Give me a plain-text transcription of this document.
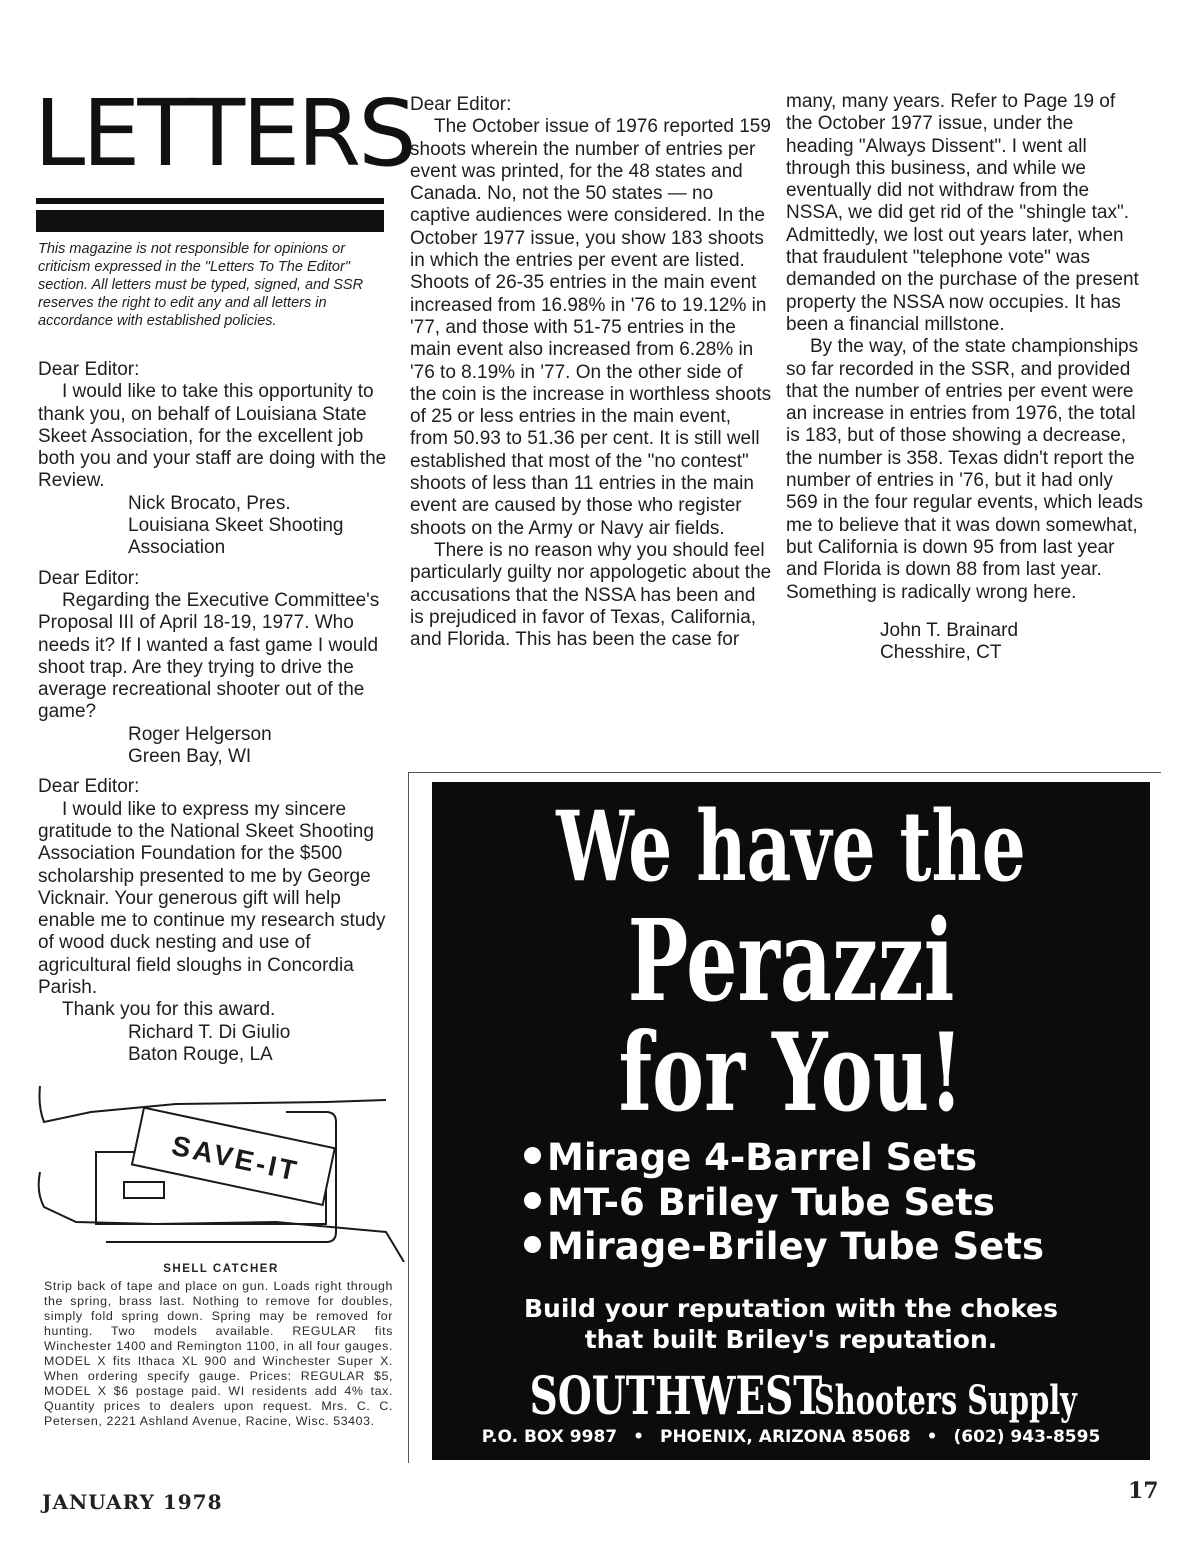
LETTERS
This magazine is not responsible for opinions or criticism expressed in the "Letters To The Editor" section. All letters must be typed, signed, and SSR reserves the right to edit any and all letters in accordance with established policies.

Dear Editor:

I would like to take this opportunity to thank you, on behalf of Louisiana State Skeet Association, for the excellent job both you and your staff are doing with the Review.

Nick Brocato, Pres.

Louisiana Skeet Shooting

Association

Dear Editor:

Regarding the Executive Committee's Proposal III of April 18-19, 1977. Who needs it? If I wanted a fast game I would shoot trap. Are they trying to drive the average recreational shooter out of the game?

Roger Helgerson

Green Bay, WI

Dear Editor:

I would like to express my sincere gratitude to the National Skeet Shooting Association Foundation for the $500 scholarship presented to me by George Vicknair. Your generous gift will help enable me to continue my research study of wood duck nesting and use of agricultural field sloughs in Concordia Parish.

Thank you for this award.

Richard T. Di Giulio

Baton Rouge, LA

Dear Editor:

The October issue of 1976 reported 159 shoots wherein the number of entries per event was printed, for the 48 states and Canada. No, not the 50 states — no captive audiences were considered. In the October 1977 issue, you show 183 shoots in which the entries per event are listed. Shoots of 26-35 entries in the main event increased from 16.98% in '76 to 19.12% in '77, and those with 51-75 entries in the main event also increased from 6.28% in '76 to 8.19% in '77. On the other side of the coin is the increase in worthless shoots of 25 or less entries in the main event, from 50.93 to 51.36 per cent. It is still well established that most of the "no contest" shoots of less than 11 entries in the main event are caused by those who register shoots on the Army or Navy air fields.

There is no reason why you should feel particularly guilty nor appologetic about the accusations that the NSSA has been and is prejudiced in favor of Texas, California, and Florida. This has been the case for

many, many years. Refer to Page 19 of the October 1977 issue, under the heading "Always Dissent". I went all through this business, and while we eventually did not withdraw from the NSSA, we did get rid of the "shingle tax". Admittedly, we lost out years later, when that fraudulent "telephone vote" was demanded on the purchase of the present property the NSSA now occupies. It has been a financial millstone.

By the way, of the state championships so far recorded in the SSR, and provided that the number of entries per event were an increase in entries from 1976, the total is 183, but of those showing a decrease, the number is 358. Texas didn't report the number of entries in '76, but it had only 569 in the four regular events, which leads me to believe that it was down somewhat, but California is down 95 from last year and Florida is down 88 from last year. Something is radically wrong here.

John T. Brainard

Chesshire, CT

SAVE-IT
SHELL CATCHER
Strip back of tape and place on gun. Loads right through the spring, brass last. Nothing to remove for doubles, simply fold spring down. Spring may be removed for hunting. Two models available. REGULAR fits Winchester 1400 and Remington 1100, in all four gauges. MODEL X fits Ithaca XL 900 and Winchester Super X. When ordering specify gauge. Prices: REGULAR $5, MODEL X $6 postage paid. WI residents add 4% tax. Quantity prices to dealers upon request. Mrs. C. C. Petersen, 2221 Ashland Avenue, Racine, Wisc. 53403.
We have the
Perazzi
for You!
Mirage 4-Barrel Sets
MT-6 Briley Tube Sets
Mirage-Briley Tube Sets
Build your reputation with the chokes
that built Briley's reputation.
SOUTHWESTShooters Supply
P.O. BOX 9987 • PHOENIX, ARIZONA 85068 • (602) 943-8595
JANUARY 1978	17
